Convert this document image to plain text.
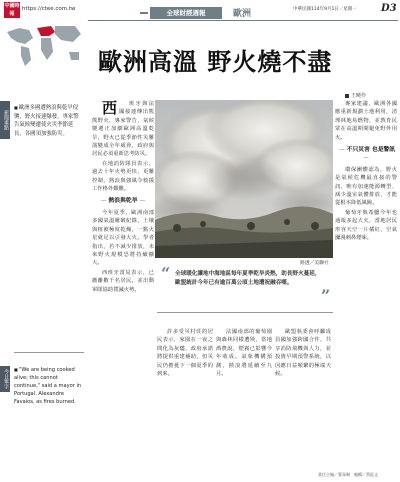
中國時報
https://ctee.com.tw	全球財經週報	歐洲	中華民國114年9月1日／星期一 D3
歐洲高溫 野火燒不盡
王曉伶
新聞重點
■ 歐洲多國遭熱浪與乾旱侵襲，野火接連爆發，專家警告氣候變遷使火災季節延長，各國須加強防災。
今日單字
■	"We are being cooked alive; this cannot continue," said a mayor in Portugal. Alexandre Favaios, as fires burned.

西 班牙與法國接連傳出熊熊野火，專家警告，氣候變遷正加劇歐洲高溫乾旱，野火已從季節性災難演變成全年威脅，政府與居民必須重新思考防災。

在地消防隊員表示，過去十年火勢更快、更難控制，熱浪與強風令救援工作格外艱難。

— 熱浪與乾旱 —

今年夏季，歐洲南部多國氣溫屢破紀錄，土壤與植被極度乾燥，一點火星就足以引發大火。學者指出，若不減少排放，未來野火規模恐將持續擴大。

西班牙當局表示，已撤離數千名居民，並出動軍隊協助撲滅火勢。

路透／美聯社
“ 全球暖化讓地中海地區每年夏季乾旱炎熱，助長野火蔓延，歐盟統計今年已有逾百萬公頃土地遭祝融吞噬。
”

許多受災村莊的居民表示，家園在一夜之間化為灰燼，政府承諾將提供重建補助，但災民仍擔憂下一個夏季的到來。

法國南部的葡萄園與森林同樣遭殃，當地酒農說，煙霧已影響今年收成。氣象機構預測，熱浪將延續至九月。

歐盟執委會呼籲成員國加強跨國合作，共享消防飛機與人力，並投資早期預警系統，以因應日益頻繁的極端天候。

專家建議，歐洲各國應重新規劃土地利用，清理林地易燃物，並教育民眾在高溫期間避免野外用火。

— 不只災害 也是警訊 —

環保團體認為，野火是氣候危機最直接的警訊，唯有加速能源轉型、減少溫室氣體排放，才能從根本降低風險。

葡萄牙與希臘今年也通報多起大火，當地居民形容天空一片橘紅，空氣瀰漫刺鼻煙味。

責任主編／曹韋琳　編輯／黃鈺文
